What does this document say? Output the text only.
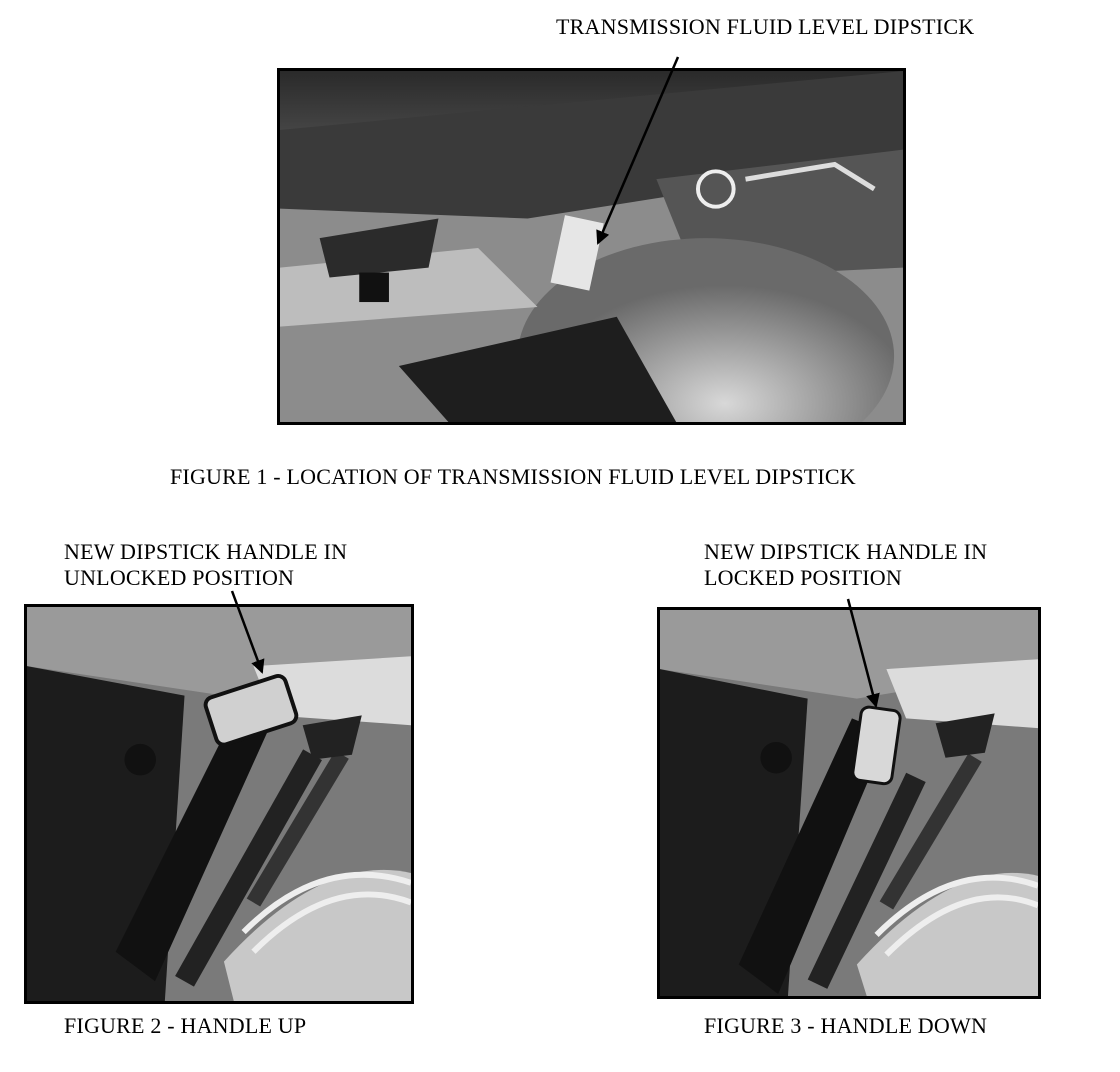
TRANSMISSION FLUID LEVEL DIPSTICK

FIGURE 1 - LOCATION OF TRANSMISSION FLUID LEVEL DIPSTICK

NEW DIPSTICK HANDLE IN

UNLOCKED POSITION

FIGURE 2 - HANDLE UP

NEW DIPSTICK HANDLE IN

LOCKED POSITION

FIGURE 3 - HANDLE DOWN
